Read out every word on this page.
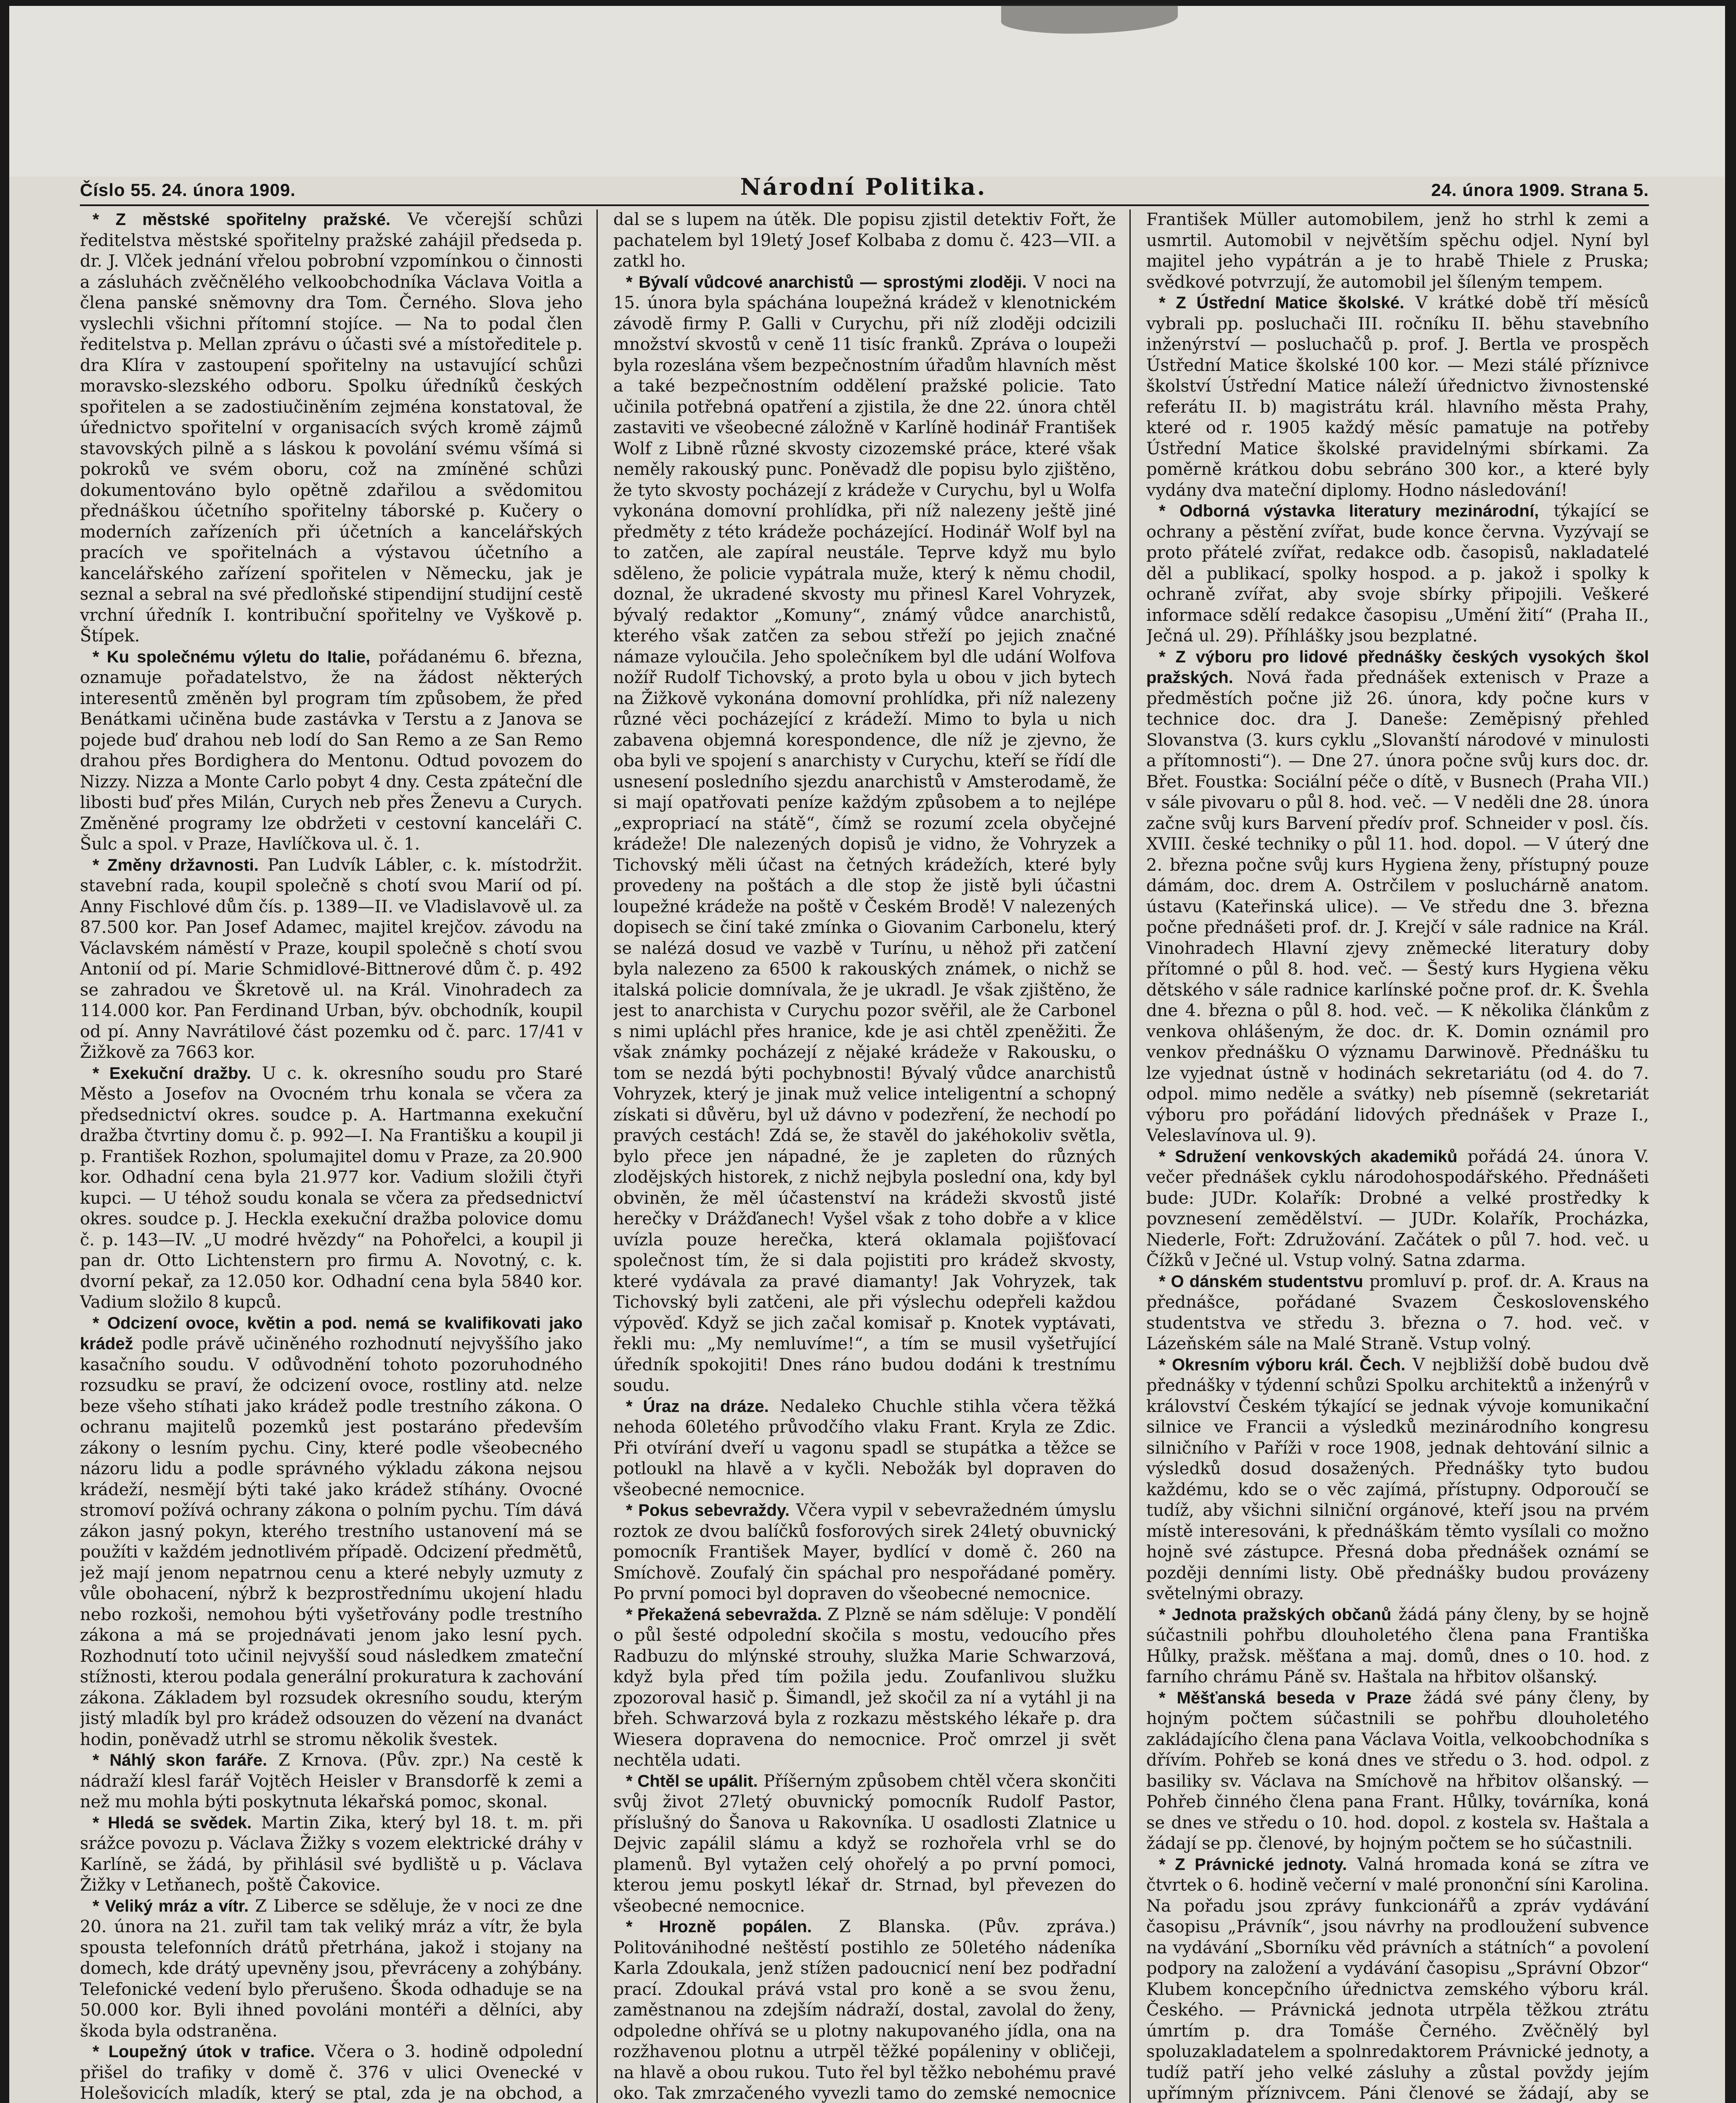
Číslo 55. 24. února 1909.	Národní Politika.	24. února 1909. Strana 5.

* Z městské spořitelny pražské. Ve včerejší schůzi ředitelstva městské spořitelny pražské zahájil předseda p. dr. J. Vlček jednání vřelou pobrobní vzpomínkou o činnosti a zásluhách zvěčnělého velkoobchodníka Václava Voitla a člena panské sněmovny dra Tom. Černého. Slova jeho vyslechli všichni přítomní stojíce. — Na to podal člen ředitelstva p. Mellan zprávu o účasti své a místoředitele p. dra Klíra v zastoupení spořitelny na ustavující schůzi moravsko-slezského odboru. Spolku úředníků českých spořitelen a se zadostiučiněním zejména konstatoval, že úřednictvo spořitelní v organisacích svých kromě zájmů stavovských pilně a s láskou k povolání svému všímá si pokroků ve svém oboru, což na zmíněné schůzi dokumentováno bylo opětně zdařilou a svědomitou přednáškou účetního spořitelny táborské p. Kučery o moderních zařízeních při účetních a kancelářských pracích ve spořitelnách a výstavou účetního a kancelářského zařízení spořitelen v Německu, jak je seznal a sebral na své předloňské stipendijní studijní cestě vrchní úředník I. kontribuční spořitelny ve Vyškově p. Štípek.

* Ku společnému výletu do Italie, pořádanému 6. března, oznamuje pořadatelstvo, že na žádost některých interesentů změněn byl program tím způsobem, že před Benátkami učiněna bude zastávka v Terstu a z Janova se pojede buď drahou neb lodí do San Remo a ze San Remo drahou přes Bordighera do Mentonu. Odtud povozem do Nizzy. Nizza a Monte Carlo pobyt 4 dny. Cesta zpáteční dle libosti buď přes Milán, Curych neb přes Ženevu a Curych. Změněné programy lze obdržeti v cestovní kanceláři C. Šulc a spol. v Praze, Havlíčkova ul. č. 1.

* Změny državnosti. Pan Ludvík Lábler, c. k. místodržit. stavební rada, koupil společně s chotí svou Marií od pí. Anny Fischlové dům čís. p. 1389—II. ve Vladislavově ul. za 87.500 kor. Pan Josef Adamec, majitel krejčov. závodu na Václavském náměstí v Praze, koupil společně s chotí svou Antonií od pí. Marie Schmidlové-Bittnerové dům č. p. 492 se zahradou ve Škretově ul. na Král. Vinohradech za 114.000 kor. Pan Ferdinand Urban, býv. obchodník, koupil od pí. Anny Navrátilové část pozemku od č. parc. 17/41 v Žižkově za 7663 kor.

* Exekuční dražby. U c. k. okresního soudu pro Staré Město a Josefov na Ovocném trhu konala se včera za předsednictví okres. soudce p. A. Hartmanna exekuční dražba čtvrtiny domu č. p. 992—I. Na Františku a koupil ji p. František Rozhon, spolumajitel domu v Praze, za 20.900 kor. Odhadní cena byla 21.977 kor. Vadium složili čtyři kupci. — U téhož soudu konala se včera za předsednictví okres. soudce p. J. Heckla exekuční dražba polovice domu č. p. 143—IV. „U modré hvězdy“ na Pohořelci, a koupil ji pan dr. Otto Lichtenstern pro firmu A. Novotný, c. k. dvorní pekař, za 12.050 kor. Odhadní cena byla 5840 kor. Vadium složilo 8 kupců.

* Odcizení ovoce, květin a pod. nemá se kvalifikovati jako krádež podle právě učiněného rozhodnutí nejvyššího jako kasačního soudu. V odůvodnění tohoto pozoruhodného rozsudku se praví, že odcizení ovoce, rostliny atd. nelze beze všeho stíhati jako krádež podle trestního zákona. O ochranu majitelů pozemků jest postaráno především zákony o lesním pychu. Ciny, které podle všeobecného názoru lidu a podle správného výkladu zákona nejsou krádeží, nesmějí býti také jako krádež stíhány. Ovocné stromoví požívá ochrany zákona o polním pychu. Tím dává zákon jasný pokyn, kterého trestního ustanovení má se použíti v každém jednotlivém případě. Odcizení předmětů, jež mají jenom nepatrnou cenu a které nebyly uzmuty z vůle obohacení, nýbrž k bezprostřednímu ukojení hladu nebo rozkoši, nemohou býti vyšetřovány podle trestního zákona a má se projednávati jenom jako lesní pych. Rozhodnutí toto učinil nejvyšší soud následkem zmateční stížnosti, kterou podala generální prokuratura k zachování zákona. Základem byl rozsudek okresního soudu, kterým jistý mladík byl pro krádež odsouzen do vězení na dvanáct hodin, poněvadž utrhl se stromu několik švestek.

* Náhlý skon faráře. Z Krnova. (Pův. zpr.) Na cestě k nádraží klesl farář Vojtěch Heisler v Bransdorfě k zemi a než mu mohla býti poskytnuta lékařská pomoc, skonal.

* Hledá se svědek. Martin Zika, který byl 18. t. m. při srážce povozu p. Václava Žižky s vozem elektrické dráhy v Karlíně, se žádá, by přihlásil své bydliště u p. Václava Žižky v Letňanech, poště Čakovice.

* Veliký mráz a vítr. Z Liberce se sděluje, že v noci ze dne 20. února na 21. zuřil tam tak veliký mráz a vítr, že byla spousta telefonních drátů přetrhána, jakož i stojany na domech, kde drátý upevněny jsou, převráceny a zohýbány. Telefonické vedení bylo přerušeno. Škoda odhaduje se na 50.000 kor. Byli ihned povoláni montéři a dělníci, aby škoda byla odstraněna.

* Loupežný útok v trafice. Včera o 3. hodině odpolední přišel do trafiky v domě č. 376 v ulici Ovenecké v Holešovicích mladík, který se ptal, zda je na obchod, a

dal se s lupem na útěk. Dle popisu zjistil detektiv Fořt, že pachatelem byl 19letý Josef Kolbaba z domu č. 423—VII. a zatkl ho.

* Bývalí vůdcové anarchistů — sprostými zloději. V noci na 15. února byla spáchána loupežná krádež v klenotnickém závodě firmy P. Galli v Curychu, při níž zloději odcizili množství skvostů v ceně 11 tisíc franků. Zpráva o loupeži byla rozeslána všem bezpečnostním úřadům hlavních měst a také bezpečnostním oddělení pražské policie. Tato učinila potřebná opatření a zjistila, že dne 22. února chtěl zastaviti ve všeobecné záložně v Karlíně hodinář František Wolf z Libně různé skvosty cizozemské práce, které však neměly rakouský punc. Poněvadž dle popisu bylo zjištěno, že tyto skvosty pocházejí z krádeže v Curychu, byl u Wolfa vykonána domovní prohlídka, při níž nalezeny ještě jiné předměty z této krádeže pocházející. Hodinář Wolf byl na to zatčen, ale zapíral neustále. Teprve když mu bylo sděleno, že policie vypátrala muže, který k němu chodil, doznal, že ukradené skvosty mu přinesl Karel Vohryzek, bývalý redaktor „Komuny“, známý vůdce anarchistů, kterého však zatčen za sebou střeží po jejich značné námaze vyloučila. Jeho společníkem byl dle udání Wolfova nožíř Rudolf Tichovský, a proto byla u obou v jich bytech na Žižkově vykonána domovní prohlídka, při níž nalezeny různé věci pocházející z krádeží. Mimo to byla u nich zabavena objemná korespondence, dle níž je zjevno, že oba byli ve spojení s anarchisty v Curychu, kteří se řídí dle usnesení posledního sjezdu anarchistů v Amsterodamě, že si mají opatřovati peníze každým způsobem a to nejlépe „expropriací na státě“, čímž se rozumí zcela obyčejné krádeže! Dle nalezených dopisů je vidno, že Vohryzek a Tichovský měli účast na četných krádežích, které byly provedeny na poštách a dle stop že jistě byli účastni loupežné krádeže na poště v Českém Brodě! V nalezených dopisech se činí také zmínka o Giovanim Carbonelu, který se nalézá dosud ve vazbě v Turínu, u něhož při zatčení byla nalezeno za 6500 k rakouských známek, o nichž se italská policie domnívala, že je ukradl. Je však zjištěno, že jest to anarchista v Curychu pozor svěřil, ale že Carbonel s nimi upláchl přes hranice, kde je asi chtěl zpeněžiti. Že však známky pocházejí z nějaké krádeže v Rakousku, o tom se nezdá býti pochybnosti! Bývalý vůdce anarchistů Vohryzek, který je jinak muž velice inteligentní a schopný získati si důvěru, byl už dávno v podezření, že nechodí po pravých cestách! Zdá se, že stavěl do jakéhokoliv světla, bylo přece jen nápadné, že je zapleten do různých zlodějských historek, z nichž nejbyla poslední ona, kdy byl obviněn, že měl účastenství na krádeži skvostů jisté herečky v Drážďanech! Vyšel však z toho dobře a v klice uvízla pouze herečka, která oklamala pojišťovací společnost tím, že si dala pojistiti pro krádež skvosty, které vydávala za pravé diamanty! Jak Vohryzek, tak Tichovský byli zatčeni, ale při výslechu odepřeli každou výpověď. Když se jich začal komisař p. Knotek vyptávati, řekli mu: „My nemluvíme!“, a tím se musil vyšetřující úředník spokojiti! Dnes ráno budou dodáni k trestnímu soudu.

* Úraz na dráze. Nedaleko Chuchle stihla včera těžká nehoda 60letého průvodčího vlaku Frant. Kryla ze Zdic. Při otvírání dveří u vagonu spadl se stupátka a těžce se potloukl na hlavě a v kyčli. Nebožák byl dopraven do všeobecné nemocnice.

* Pokus sebevraždy. Včera vypil v sebevražedném úmyslu roztok ze dvou balíčků fosforových sirek 24letý obuvnický pomocník František Mayer, bydlící v domě č. 260 na Smíchově. Zoufalý čin spáchal pro nespořádané poměry. Po první pomoci byl dopraven do všeobecné nemocnice.

* Překažená sebevražda. Z Plzně se nám sděluje: V pondělí o půl šesté odpolední skočila s mostu, vedoucího přes Radbuzu do mlýnské strouhy, služka Marie Schwarzová, když byla před tím požila jedu. Zoufanlivou služku zpozoroval hasič p. Šimandl, jež skočil za ní a vytáhl ji na břeh. Schwarzová byla z rozkazu městského lékaře p. dra Wiesera dopravena do nemocnice. Proč omrzel ji svět nechtěla udati.

* Chtěl se upálit. Příšerným způsobem chtěl včera skončiti svůj život 27letý obuvnický pomocník Rudolf Pastor, příslušný do Šanova u Rakovníka. U osadlosti Zlatnice u Dejvic zapálil slámu a když se rozhořela vrhl se do plamenů. Byl vytažen celý ohořelý a po první pomoci, kterou jemu poskytl lékař dr. Strnad, byl převezen do všeobecné nemocnice.

* Hrozně popálen. Z Blanska. (Pův. zpráva.) Politovánihodné neštěstí postihlo ze 50letého nádeníka Karla Zdoukala, jenž stížen padoucnicí není bez podřadní prací. Zdoukal prává vstal pro koně a se svou ženu, zaměstnanou na zdejším nádraží, dostal, zavolal do ženy, odpoledne ohřívá se u plotny nakupovaného jídla, ona na rozžhavenou plotnu a utrpěl těžké popáleniny v obličeji, na hlavě a obou rukou. Tuto řel byl těžko nebohému pravé oko. Tak zmrzačeného vyvezli tamo do zemské nemocnice

František Müller automobilem, jenž ho strhl k zemi a usmrtil. Automobil v největším spěchu odjel. Nyní byl majitel jeho vypátrán a je to hrabě Thiele z Pruska; svědkové potvrzují, že automobil jel šíleným tempem.

* Z Ústřední Matice školské. V krátké době tří měsíců vybrali pp. posluchači III. ročníku II. běhu stavebního inženýrství — posluchačů p. prof. J. Bertla ve prospěch Ústřední Matice školské 100 kor. — Mezi stálé příznivce školství Ústřední Matice náleží úřednictvo živnostenské referátu II. b) magistrátu král. hlavního města Prahy, které od r. 1905 každý měsíc pamatuje na potřeby Ústřední Matice školské pravidelnými sbírkami. Za poměrně krátkou dobu sebráno 300 kor., a které byly vydány dva mateční diplomy. Hodno následování!

* Odborná výstavka literatury mezinárodní, týkající se ochrany a pěstění zvířat, bude konce června. Vyzývají se proto přátelé zvířat, redakce odb. časopisů, nakladatelé děl a publikací, spolky hospod. a p. jakož i spolky k ochraně zvířat, aby svoje sbírky připojili. Veškeré informace sdělí redakce časopisu „Umění žití“ (Praha II., Ječná ul. 29). Příhlášky jsou bezplatné.

* Z výboru pro lidové přednášky českých vysokých škol pražských. Nová řada přednášek extenisch v Praze a předměstích počne již 26. února, kdy počne kurs v technice doc. dra J. Daneše: Zeměpisný přehled Slovanstva (3. kurs cyklu „Slovanští národové v minulosti a přítomnosti“). — Dne 27. února počne svůj kurs doc. dr. Břet. Foustka: Sociální péče o dítě, v Busnech (Praha VII.) v sále pivovaru o půl 8. hod. več. — V neděli dne 28. února začne svůj kurs Barvení předív prof. Schneider v posl. čís. XVIII. české techniky o půl 11. hod. dopol. — V úterý dne 2. března počne svůj kurs Hygiena ženy, přístupný pouze dámám, doc. drem A. Ostrčilem v posluchárně anatom. ústavu (Kateřinská ulice). — Ve středu dne 3. března počne přednášeti prof. dr. J. Krejčí v sále radnice na Král. Vinohradech Hlavní zjevy zněmecké literatury doby přítomné o půl 8. hod. več. — Šestý kurs Hygiena věku dětského v sále radnice karlínské počne prof. dr. K. Švehla dne 4. března o půl 8. hod. več. — K několika článkům z venkova ohlášeným, že doc. dr. K. Domin oznámil pro venkov přednášku O významu Darwinově. Přednášku tu lze vyjednat ústně v hodinách sekretariátu (od 4. do 7. odpol. mimo neděle a svátky) neb písemně (sekretariát výboru pro pořádání lidových přednášek v Praze I., Veleslavínova ul. 9).

* Sdružení venkovských akademiků pořádá 24. února V. večer přednášek cyklu národohospodářského. Přednášeti bude: JUDr. Kolařík: Drobné a velké prostředky k povznesení zemědělství. — JUDr. Kolařík, Procházka, Niederle, Fořt: Združování. Začátek o půl 7. hod. več. u Čížků v Ječné ul. Vstup volný. Satna zdarma.

* O dánském studentstvu promluví p. prof. dr. A. Kraus na přednášce, pořádané Svazem Československého studentstva ve středu 3. března o 7. hod. več. v Lázeňském sále na Malé Straně. Vstup volný.

* Okresním výboru král. Čech. V nejbližší době budou dvě přednášky v týdenní schůzi Spolku architektů a inženýrů v království Českém týkající se jednak vývoje komunikační silnice ve Francii a výsledků mezinárodního kongresu silničního v Paříži v roce 1908, jednak dehtování silnic a výsledků dosud dosažených. Přednášky tyto budou každému, kdo se o věc zajímá, přístupny. Odporoučí se tudíž, aby všichni silniční orgánové, kteří jsou na prvém místě interesováni, k přednáškám těmto vysílali co možno hojně své zástupce. Přesná doba přednášek oznámí se později denními listy. Obě přednášky budou provázeny světelnými obrazy.

* Jednota pražských občanů žádá pány členy, by se hojně súčastnili pohřbu dlouholetého člena pana Františka Hůlky, pražsk. měšťana a maj. domů, dnes o 10. hod. z farního chrámu Páně sv. Haštala na hřbitov olšanský.

* Měšťanská beseda v Praze žádá své pány členy, by hojným počtem súčastnili se pohřbu dlouholetého zakládajícího člena pana Václava Voitla, velkoobchodníka s dřívím. Pohřeb se koná dnes ve středu o 3. hod. odpol. z basiliky sv. Václava na Smíchově na hřbitov olšanský. — Pohřeb činného člena pana Frant. Hůlky, továrníka, koná se dnes ve středu o 10. hod. dopol. z kostela sv. Haštala a žádají se pp. členové, by hojným počtem se ho súčastnili.

* Z Právnické jednoty. Valná hromada koná se zítra ve čtvrtek o 6. hodině večerní v malé prononční síni Karolina. Na pořadu jsou zprávy funkcionářů a zpráv vydávání časopisu „Právník“, jsou návrhy na prodloužení subvence na vydávání „Sborníku věd právních a státních“ a povolení podpory na založení a vydávání časopisu „Správní Obzor“ Klubem koncepčního úřednictva zemského výboru král. Českého. — Právnická jednota utrpěla těžkou ztrátu úmrtím p. dra Tomáše Černého. Zvěčnělý byl spoluzakladatelem a spolnredaktorem Právnické jednoty, a tudíž patří jeho velké zásluhy a zůstal povždy jejím upřímným příznivcem. Páni členové se žádají, aby se
